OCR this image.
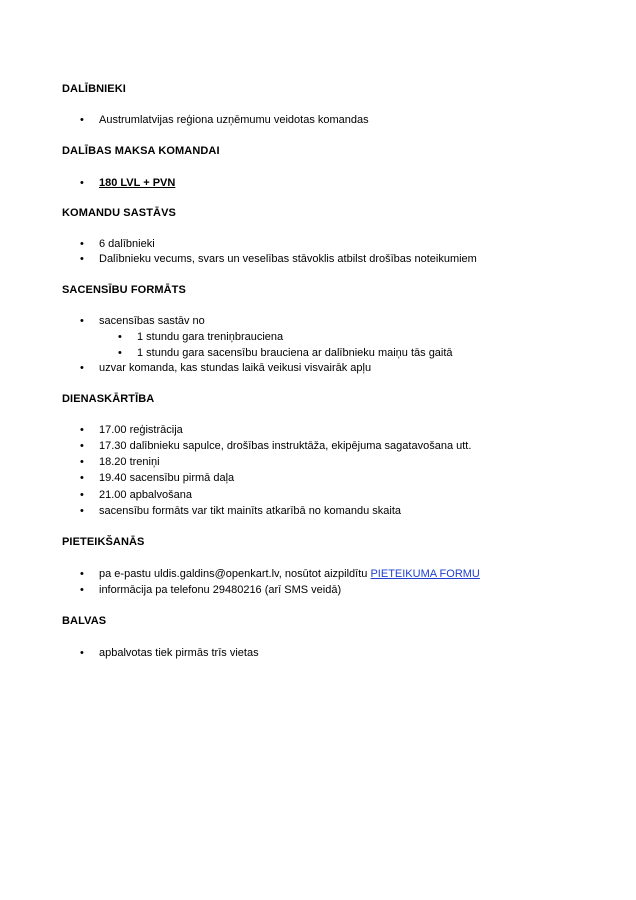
DALĪBNIEKI
• Austrumlatvijas reģiona uzņēmumu veidotas komandas
DALĪBAS MAKSA KOMANDAI
• 180 LVL + PVN
KOMANDU SASTĀVS
• 6 dalībnieki
• Dalībnieku vecums, svars un veselības stāvoklis atbilst drošības noteikumiem
SACENSĪBU FORMĀTS
• sacensības sastāv no
• 1 stundu gara treniņbrauciena
• 1 stundu gara sacensību brauciena ar dalībnieku maiņu tās gaitā
• uzvar komanda, kas stundas laikā veikusi visvairāk apļu
DIENASKĀRTĪBA
• 17.00 reģistrācija
• 17.30 dalībnieku sapulce, drošības instruktāža, ekipējuma sagatavošana utt.
• 18.20 treniņi
• 19.40 sacensību pirmā daļa
• 21.00 apbalvošana
• sacensību formāts var tikt mainīts atkarībā no komandu skaita
PIETEIKŠANĀS
• pa e-pastu uldis.galdins@openkart.lv, nosūtot aizpildītu PIETEIKUMA FORMU
• informācija pa telefonu 29480216 (arī SMS veidā)
BALVAS
• apbalvotas tiek pirmās trīs vietas
